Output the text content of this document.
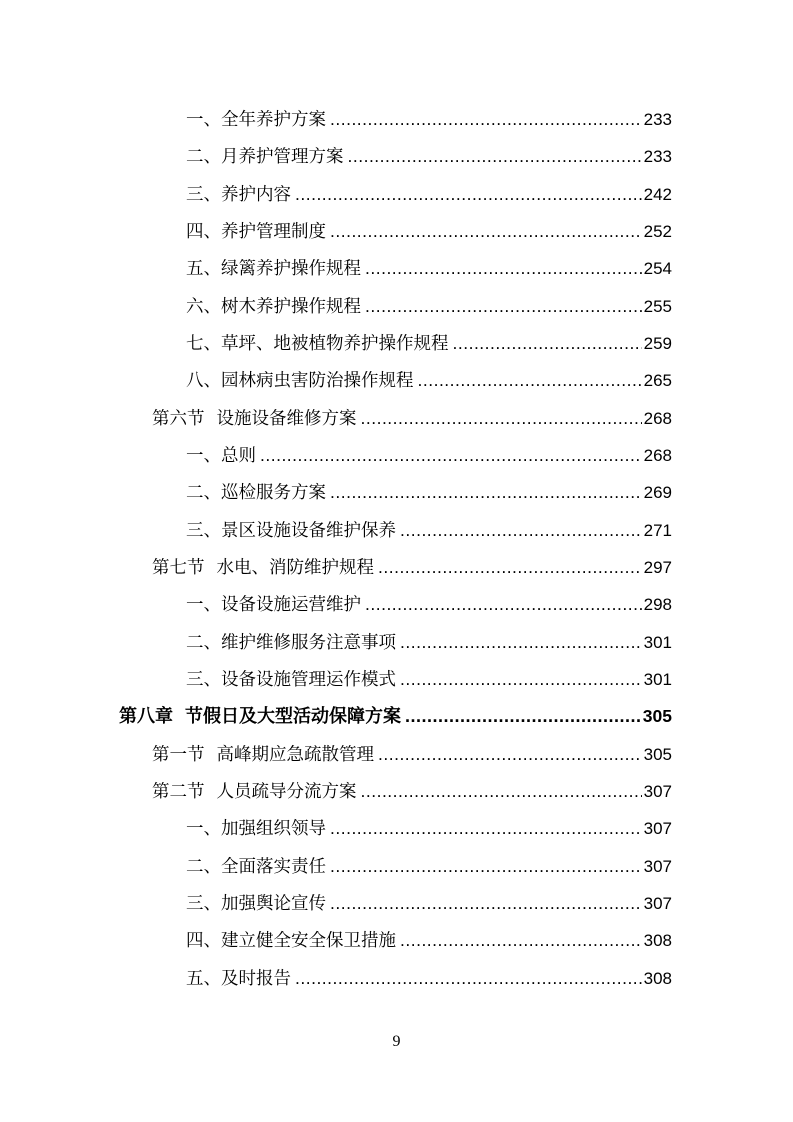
一、全年养护方案 .....	233
二、月养护管理方案 .....	233
三、养护内容 .....	242
四、养护管理制度 .....	252
五、绿篱养护操作规程 .....	254
六、树木养护操作规程 .....	255
七、草坪、地被植物养护操作规程 .....	259
八、园林病虫害防治操作规程 .....	265
第六节 设施设备维修方案 .....	268
一、总则 .....	268
二、巡检服务方案 .....	269
三、景区设施设备维护保养 .....	271
第七节 水电、消防维护规程 .....	297
一、设备设施运营维护 .....	298
二、维护维修服务注意事项 .....	301
三、设备设施管理运作模式 .....	301
第八章 节假日及大型活动保障方案 .....	305
第一节 高峰期应急疏散管理 .....	305
第二节 人员疏导分流方案 .....	307
一、加强组织领导 .....	307
二、全面落实责任 .....	307
三、加强舆论宣传 .....	307
四、建立健全安全保卫措施 .....	308
五、及时报告 .....	308
9
